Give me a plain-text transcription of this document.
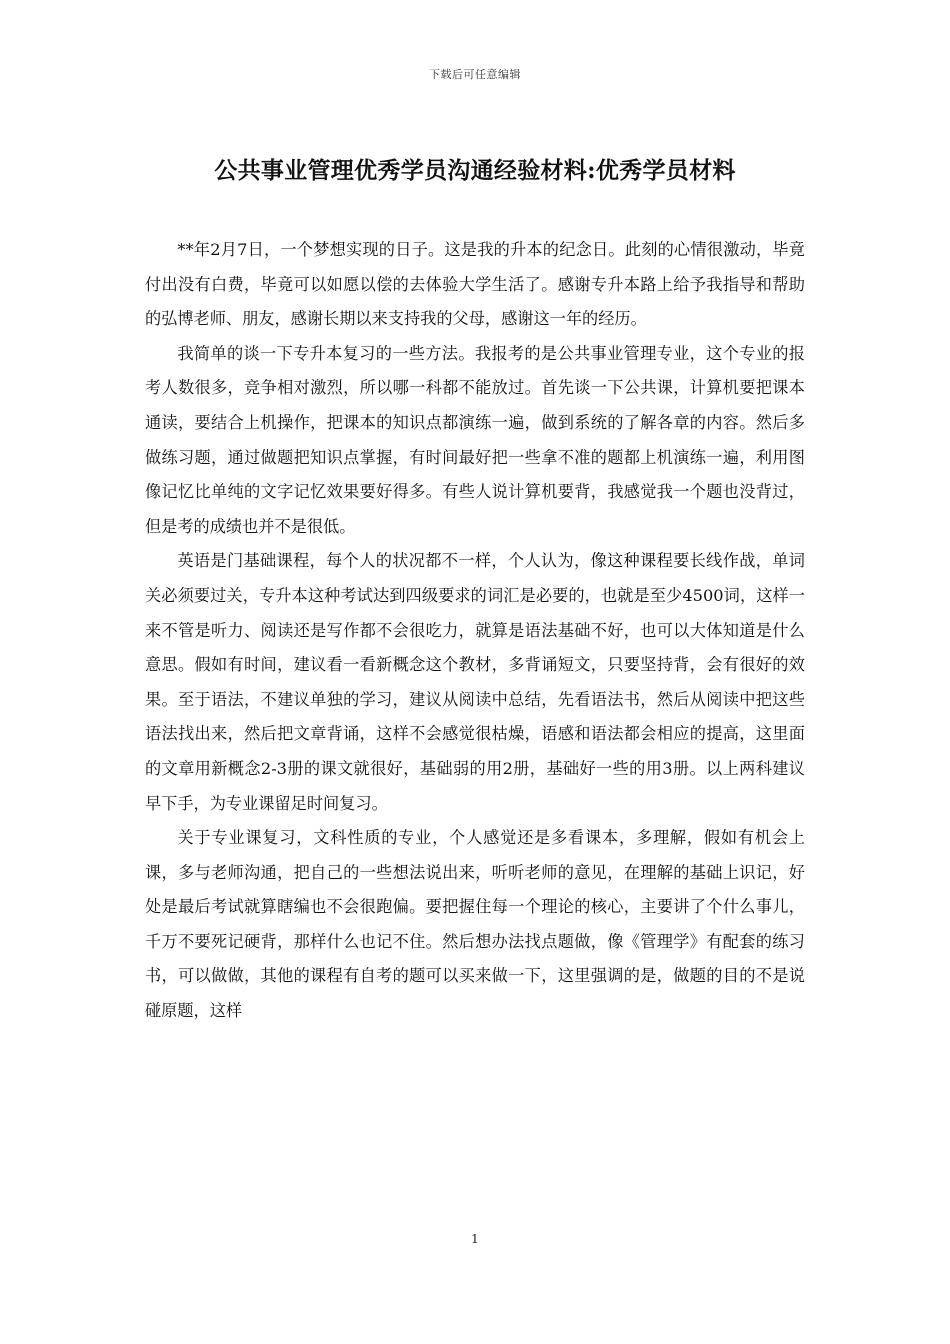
下载后可任意编辑
公共事业管理优秀学员沟通经验材料:优秀学员材料

**年2月7日，一个梦想实现的日子。这是我的升本的纪念日。此刻的心情很激动，毕竟付出没有白费，毕竟可以如愿以偿的去体验大学生活了。感谢专升本路上给予我指导和帮助的弘博老师、朋友，感谢长期以来支持我的父母，感谢这一年的经历。

我简单的谈一下专升本复习的一些方法。我报考的是公共事业管理专业，这个专业的报考人数很多，竞争相对激烈，所以哪一科都不能放过。首先谈一下公共课，计算机要把课本通读，要结合上机操作，把课本的知识点都演练一遍，做到系统的了解各章的内容。然后多做练习题，通过做题把知识点掌握，有时间最好把一些拿不准的题都上机演练一遍，利用图像记忆比单纯的文字记忆效果要好得多。有些人说计算机要背，我感觉我一个题也没背过，但是考的成绩也并不是很低。

英语是门基础课程，每个人的状况都不一样，个人认为，像这种课程要长线作战，单词关必须要过关，专升本这种考试达到四级要求的词汇是必要的，也就是至少4500词，这样一来不管是听力、阅读还是写作都不会很吃力，就算是语法基础不好，也可以大体知道是什么意思。假如有时间，建议看一看新概念这个教材，多背诵短文，只要坚持背，会有很好的效果。至于语法，不建议单独的学习，建议从阅读中总结，先看语法书，然后从阅读中把这些语法找出来，然后把文章背诵，这样不会感觉很枯燥，语感和语法都会相应的提高，这里面的文章用新概念2-3册的课文就很好，基础弱的用2册，基础好一些的用3册。以上两科建议早下手，为专业课留足时间复习。

关于专业课复习，文科性质的专业，个人感觉还是多看课本，多理解，假如有机会上课，多与老师沟通，把自己的一些想法说出来，听听老师的意见，在理解的基础上识记，好处是最后考试就算瞎编也不会很跑偏。要把握住每一个理论的核心，主要讲了个什么事儿，千万不要死记硬背，那样什么也记不住。然后想办法找点题做，像《管理学》有配套的练习书，可以做做，其他的课程有自考的题可以买来做一下，这里强调的是，做题的目的不是说碰原题，这样

1
